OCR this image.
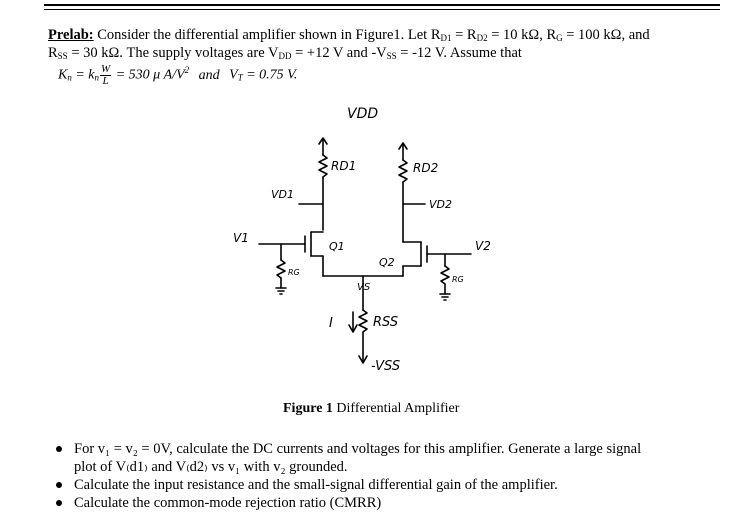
Prelab: Consider the differential amplifier shown in Figure1. Let $R_{D1} = R_{D2} = 10$ kΩ, $R_G = 100$ kΩ, and
$R_{SS} = 30$ kΩ. The supply voltages are $V_{DD} = +12$ V and $-V_{SS} = -12$ V. Assume that
$K_n = k_n \frac{W}{L} = 530$ μ $A/V^2$ and $V_T = 0.75$ V.
VDD
RD1	RD2
VD1
VD2
V1
V2
Q1
Q2
VS
RG
RG
I	RSS
-VSS
Figure 1 Differential Amplifier
For v₁ = v₂ = 0V, calculate the DC currents and voltages for this amplifier. Generate a large signal
plot of V₍d1₎ and V₍d2₎ vs v₁ with v₂ grounded.
Calculate the input resistance and the small-signal differential gain of the amplifier.
Calculate the common-mode rejection ratio (CMRR)
